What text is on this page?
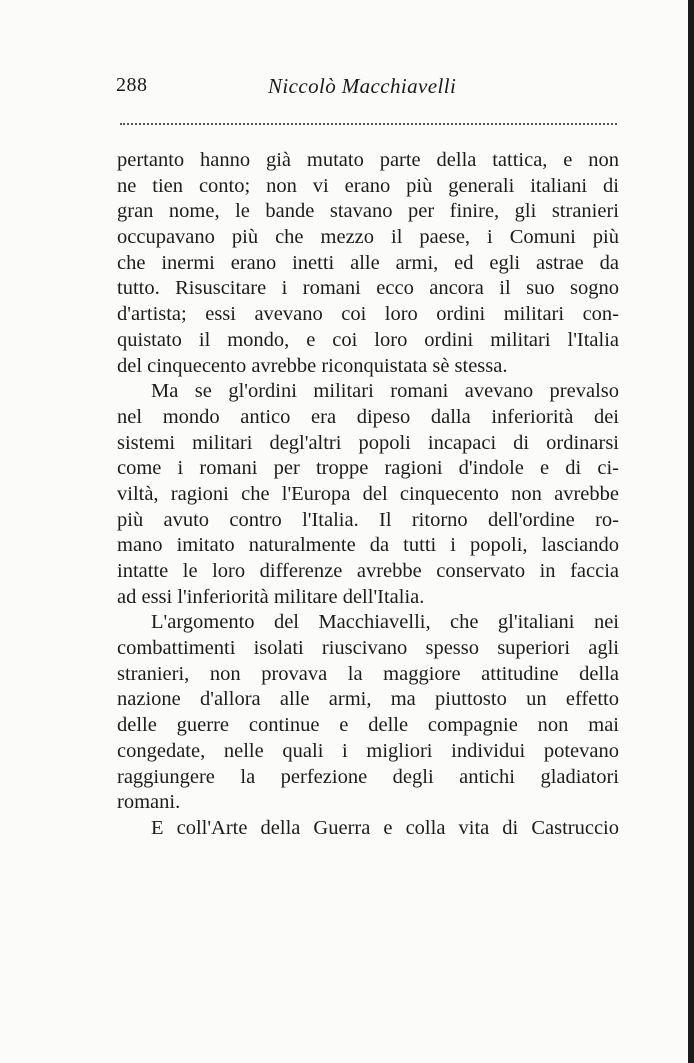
288	Niccolò Macchiavelli
pertanto hanno già mutato parte della tattica, e non
ne tien conto; non vi erano più generali italiani di
gran nome, le bande stavano per finire, gli stranieri
occupavano più che mezzo il paese, i Comuni più
che inermi erano inetti alle armi, ed egli astrae da
tutto. Risuscitare i romani ecco ancora il suo sogno
d'artista; essi avevano coi loro ordini militari con-
quistato il mondo, e coi loro ordini militari l'Italia
del cinquecento avrebbe riconquistata sè stessa.
Ma se gl'ordini militari romani avevano prevalso
nel mondo antico era dipeso dalla inferiorità dei
sistemi militari degl'altri popoli incapaci di ordinarsi
come i romani per troppe ragioni d'indole e di ci-
viltà, ragioni che l'Europa del cinquecento non avrebbe
più avuto contro l'Italia. Il ritorno dell'ordine ro-
mano imitato naturalmente da tutti i popoli, lasciando
intatte le loro differenze avrebbe conservato in faccia
ad essi l'inferiorità militare dell'Italia.
L'argomento del Macchiavelli, che gl'italiani nei
combattimenti isolati riuscivano spesso superiori agli
stranieri, non provava la maggiore attitudine della
nazione d'allora alle armi, ma piuttosto un effetto
delle guerre continue e delle compagnie non mai
congedate, nelle quali i migliori individui potevano
raggiungere la perfezione degli antichi gladiatori
romani.
E coll'Arte della Guerra e colla vita di Castruccio
